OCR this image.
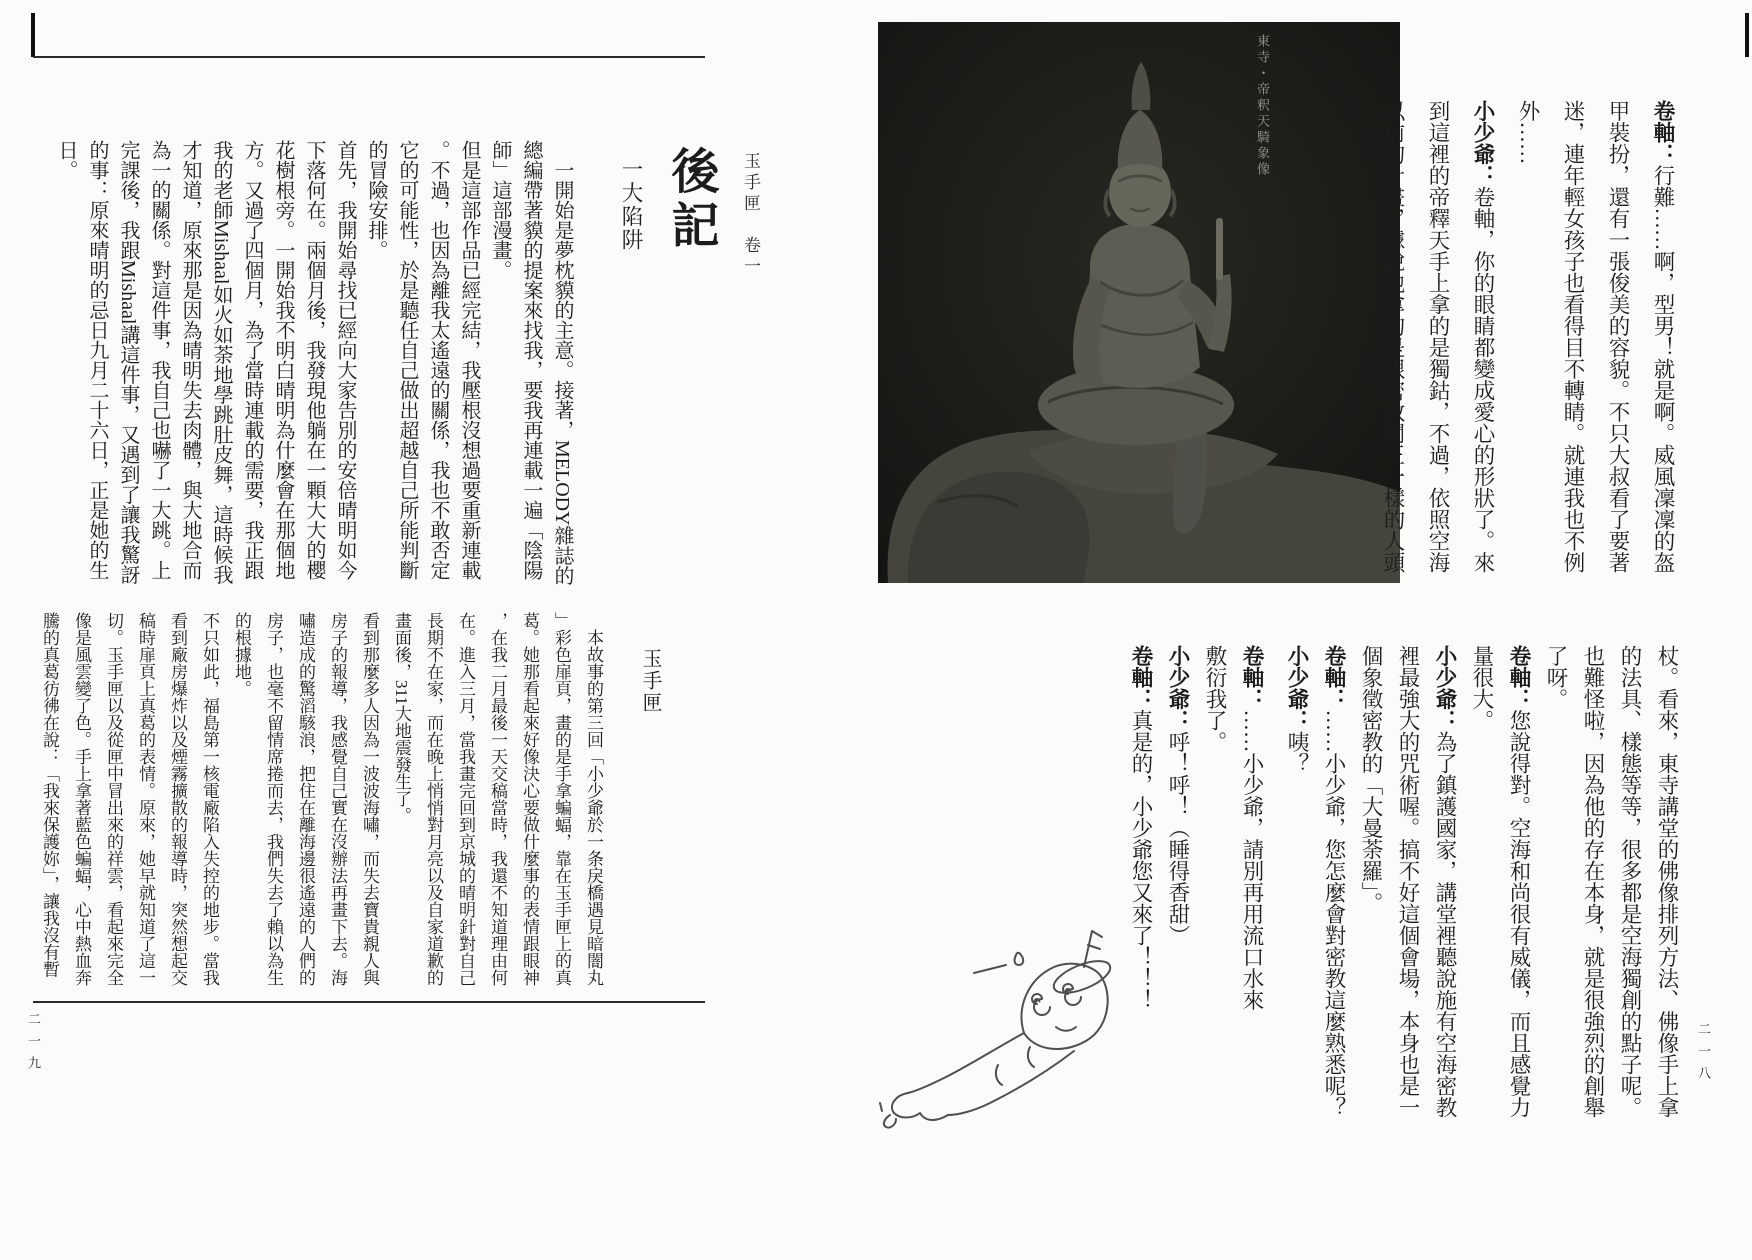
玉手匣　卷一
後記
一大陷阱

一開始是夢枕貘的主意。接著，MELODY雜誌的總編帶著貘的提案來找我，要我再連載一遍「陰陽師」這部漫畫。

但是這部作品已經完結，我壓根沒想過要重新連載。不過，也因為離我太遙遠的關係，我也不敢否定它的可能性，於是聽任自己做出超越自己所能判斷的冒險安排。

首先，我開始尋找已經向大家告別的安倍晴明如今下落何在。兩個月後，我發現他躺在一顆大大的櫻花樹根旁。一開始我不明白晴明為什麼會在那個地方。又過了四個月，為了當時連載的需要，我正跟我的老師Mishaal如火如荼地學跳肚皮舞，這時候我才知道，原來那是因為晴明失去肉體，與大地合而為一的關係。對這件事，我自己也嚇了一大跳。上完課後，我跟Mishaal講這件事，又遇到了讓我驚訝的事：原來晴明的忌日九月二十六日，正是她的生日。

玉手匣

本故事的第三回「小少爺於一条戾橋遇見暗闇丸」彩色扉頁，畫的是手拿蝙蝠，靠在玉手匣上的真葛。她那看起來好像決心要做什麼事的表情跟眼神，在我二月最後一天交稿當時，我還不知道理由何在。進入三月，當我畫完回到京城的晴明針對自己長期不在家，而在晚上悄悄對月亮以及自家道歉的畫面後，311大地震發生了。

看到那麼多人因為一波波海嘯，而失去寶貴親人與房子的報導，我感覺自己實在沒辦法再畫下去。海嘯造成的驚滔駭浪，把住在離海邊很遙遠的人們的房子，也毫不留情席捲而去，我們失去了賴以為生的根據地。

不只如此，福島第一核電廠陷入失控的地步。當我看到廠房爆炸以及煙霧擴散的報導時，突然想起交稿時扉頁上真葛的表情。原來，她早就知道了這一切。玉手匣以及從匣中冒出來的祥雲，看起來完全像是風雲變了色。手上拿著藍色蝙蝠，心中熱血奔騰的真葛彷彿在說：「我來保護妳」，讓我沒有暫

二一九
東寺・帝釈天騎象像	卷軸：行難……啊，型男！就是啊。威風凜凜的盔甲裝扮，還有一張俊美的容貌。不只大叔看了要著迷，連年輕女孩子也看得目不轉睛。就連我也不例外……
小少爺：卷軸，你的眼睛都變成愛心的形狀了。來到這裡的帝釋天手上拿的是獨鈷，不過，依照空海以前的計畫，據說祂拿的是跟密教閻王一樣的人頭
杖。看來，東寺講堂的佛像排列方法、佛像手上拿的法具、樣態等等，很多都是空海獨創的點子呢。也難怪啦，因為他的存在本身，就是很強烈的創舉了呀。
卷軸：您說得對。空海和尚很有威儀，而且感覺力量很大。
小少爺：為了鎮護國家，講堂裡聽說施有空海密教裡最強大的咒術喔。搞不好這個會場，本身也是一個象徵密教的「大曼荼羅」。
卷軸：……小少爺，您怎麼會對密教這麼熟悉呢？
小少爺：咦？
卷軸：……小少爺，請別再用流口水來敷衍我了。
小少爺：呼！呼！（睡得香甜）
卷軸：真是的，小少爺您又來了！！！
二一八
